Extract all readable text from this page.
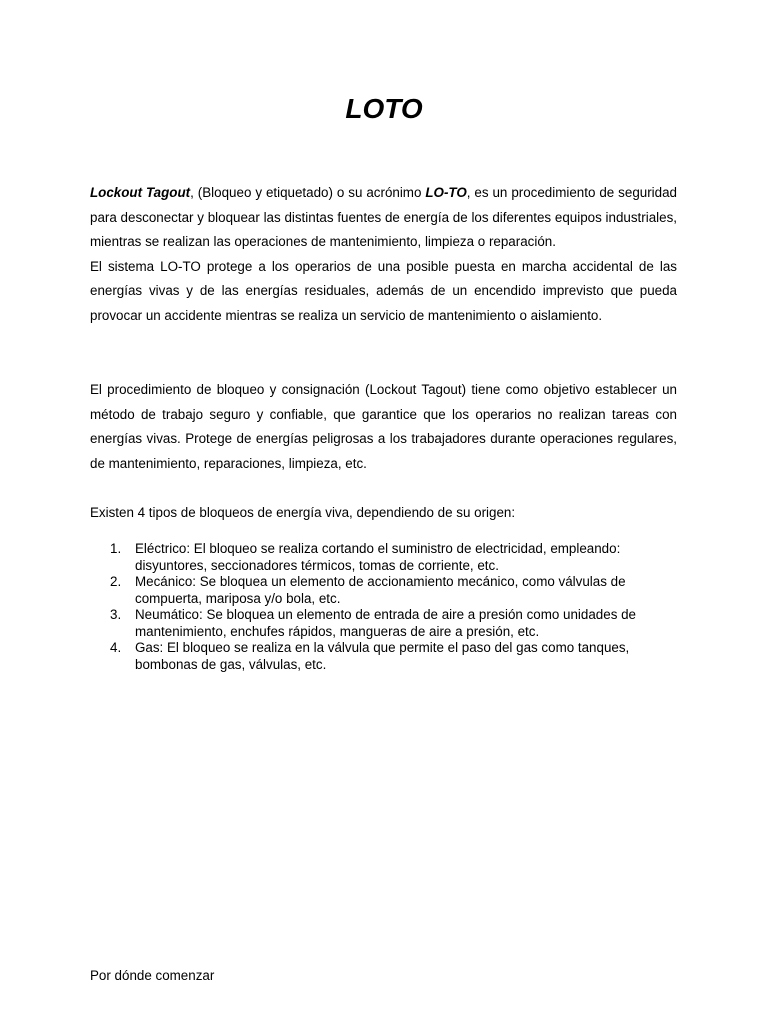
LOTO
Lockout Tagout, (Bloqueo y etiquetado) o su acrónimo LO-TO, es un procedimiento de seguridad para desconectar y bloquear las distintas fuentes de energía de los diferentes equipos industriales, mientras se realizan las operaciones de mantenimiento, limpieza o reparación.
El sistema LO-TO protege a los operarios de una posible puesta en marcha accidental de las energías vivas y de las energías residuales, además de un encendido imprevisto que pueda provocar un accidente mientras se realiza un servicio de mantenimiento o aislamiento.

El procedimiento de bloqueo y consignación (Lockout Tagout) tiene como objetivo establecer un método de trabajo seguro y confiable, que garantice que los operarios no realizan tareas con energías vivas. Protege de energías peligrosas a los trabajadores durante operaciones regulares, de mantenimiento, reparaciones, limpieza, etc.

Existen 4 tipos de bloqueos de energía viva, dependiendo de su origen:

1. Eléctrico: El bloqueo se realiza cortando el suministro de electricidad, empleando: disyuntores, seccionadores térmicos, tomas de corriente, etc.
2. Mecánico: Se bloquea un elemento de accionamiento mecánico, como válvulas de compuerta, mariposa y/o bola, etc.
3. Neumático: Se bloquea un elemento de entrada de aire a presión como unidades de mantenimiento, enchufes rápidos, mangueras de aire a presión, etc.
4. Gas: El bloqueo se realiza en la válvula que permite el paso del gas como tanques, bombonas de gas, válvulas, etc.

Por dónde comenzar
